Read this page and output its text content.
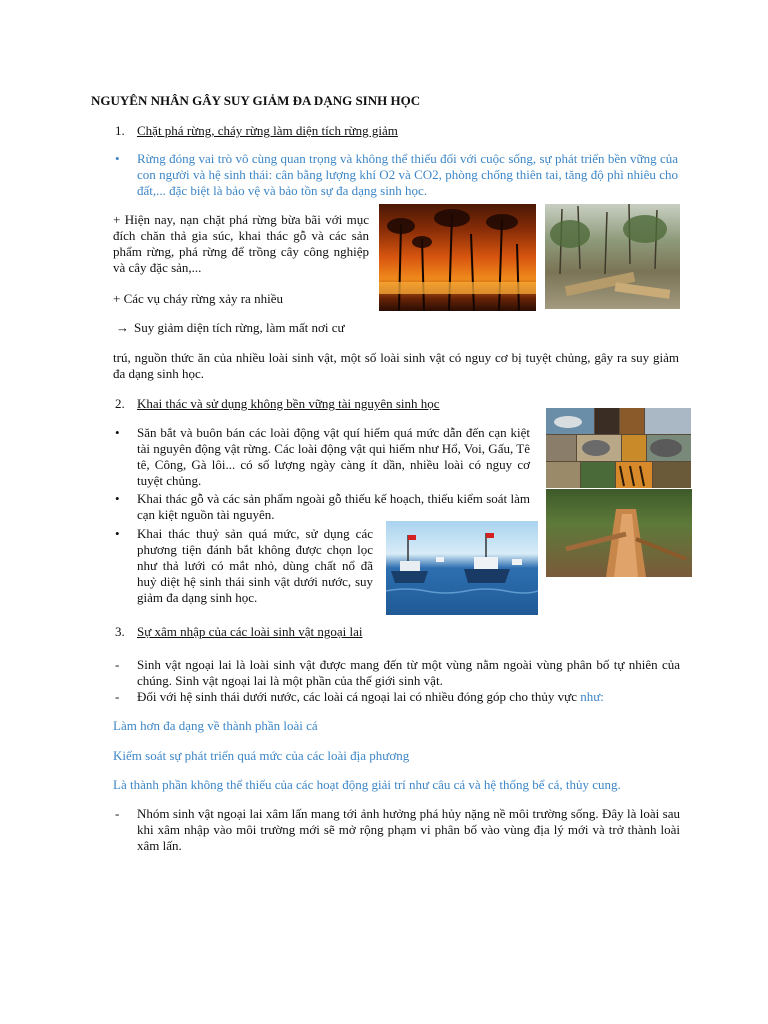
NGUYÊN NHÂN GÂY SUY GIẢM ĐA DẠNG SINH HỌC
1. Chặt phá rừng, cháy rừng làm diện tích rừng giảm
• Rừng đóng vai trò vô cùng quan trọng và không thể thiếu đối với cuộc sống, sự phát triển bền vững của con người và hệ sinh thái: cân bằng lượng khí O2 và CO2, phòng chống thiên tai, tăng độ phì nhiêu cho đất,... đặc biệt là bảo vệ và bảo tồn sự đa dạng sinh học.
+ Hiện nay, nạn chặt phá rừng bừa bãi với mục đích chăn thả gia súc, khai thác gỗ và các sản phẩm rừng, phá rừng để trồng cây công nghiệp và cây đặc sản,...
+ Các vụ cháy rừng xảy ra nhiều
→ Suy giảm diện tích rừng, làm mất nơi cư
trú, nguồn thức ăn của nhiều loài sinh vật, một số loài sinh vật có nguy cơ bị tuyệt chủng, gây ra suy giảm đa dạng sinh học.
2. Khai thác và sử dụng không bền vững tài nguyên sinh học
• Săn bắt và buôn bán các loài động vật quí hiếm quá mức dẫn đến cạn kiệt tài nguyên động vật rừng. Các loài động vật qui hiếm như Hổ, Voi, Gấu, Tê tê, Công, Gà lôi... có số lượng ngày càng ít dần, nhiều loài có nguy cơ tuyệt chủng.
• Khai thác gỗ và các sản phẩm ngoài gỗ thiếu kế hoạch, thiếu kiểm soát làm cạn kiệt nguồn tài nguyên.
• Khai thác thuỷ sản quá mức, sử dụng các phương tiện đánh bắt không được chọn lọc như thả lưới có mắt nhỏ, dùng chất nổ đã huỷ diệt hệ sinh thái sinh vật dưới nước, suy giảm đa dạng sinh học.
3. Sự xâm nhập của các loài sinh vật ngoại lai
- Sinh vật ngoại lai là loài sinh vật được mang đến từ một vùng nằm ngoài vùng phân bố tự nhiên của chúng. Sinh vật ngoại lai là một phần của thế giới sinh vật.
- Đối với hệ sinh thái dưới nước, các loài cá ngoại lai có nhiều đóng góp cho thủy vực như:
Làm hơn đa dạng về thành phần loài cá
Kiểm soát sự phát triển quá mức của các loài địa phương
Là thành phần không thể thiếu của các hoạt động giải trí như câu cá và hệ thống bể cá, thủy cung.
- Nhóm sinh vật ngoại lai xâm lấn mang tới ảnh hưởng phá hủy nặng nề môi trường sống. Đây là loài sau khi xâm nhập vào môi trường mới sẽ mở rộng phạm vi phân bố vào vùng địa lý mới và trở thành loài xâm lấn.
